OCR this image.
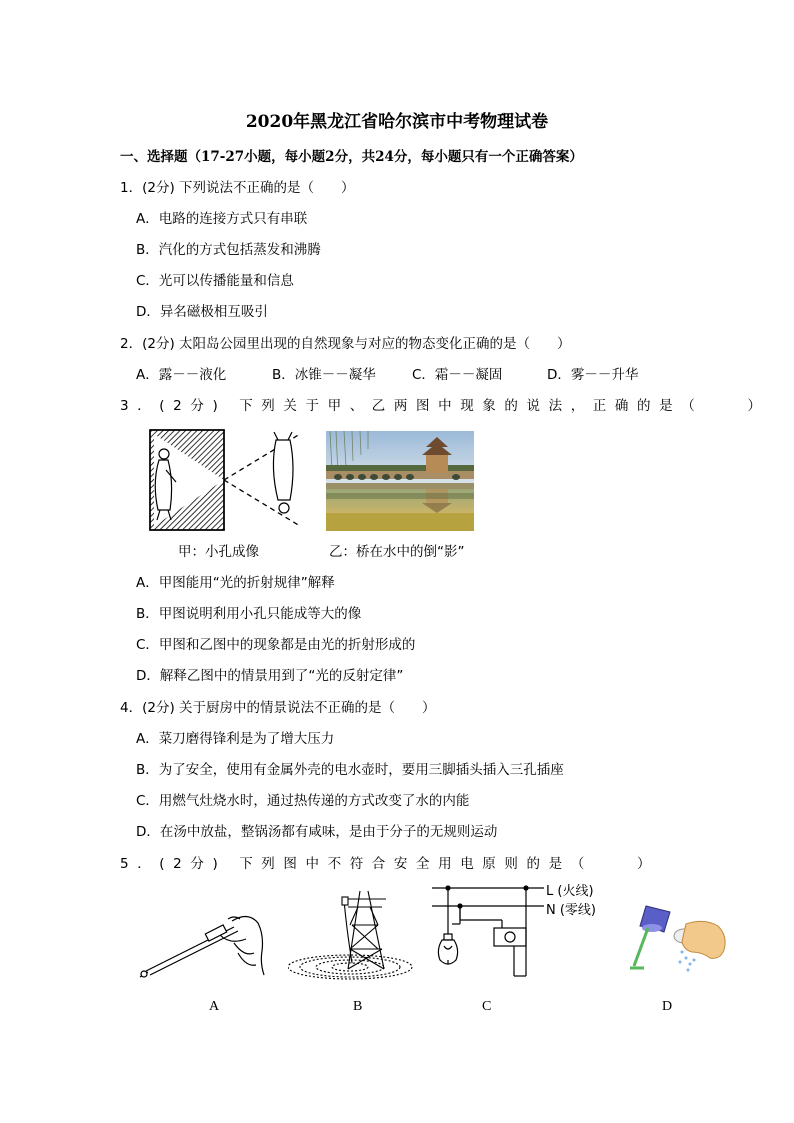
2020年黑龙江省哈尔滨市中考物理试卷
一、选择题（17-27小题，每小题2分，共24分，每小题只有一个正确答案）
1．(2分) 下列说法不正确的是（　　）
A．电路的连接方式只有串联
B．汽化的方式包括蒸发和沸腾
C．光可以传播能量和信息
D．异名磁极相互吸引
2．(2分) 太阳岛公园里出现的自然现象与对应的物态变化正确的是（　　）
A．露－－液化	B．冰锥－－凝华	C．霜－－凝固	D．雾－－升华
3．(2分) 下列关于甲、乙两图中现象的说法，正确的是（　　）
甲：小孔成像	乙：桥在水中的倒“影”
A．甲图能用“光的折射规律”解释
B．甲图说明利用小孔只能成等大的像
C．甲图和乙图中的现象都是由光的折射形成的
D．解释乙图中的情景用到了“光的反射定律”
4．(2分) 关于厨房中的情景说法不正确的是（　　）
A．菜刀磨得锋利是为了增大压力
B．为了安全，使用有金属外壳的电水壶时，要用三脚插头插入三孔插座
C．用燃气灶烧水时，通过热传递的方式改变了水的内能
D．在汤中放盐，整锅汤都有咸味，是由于分子的无规则运动
5．(2分) 下列图中不符合安全用电原则的是（　　）
L (火线)
N (零线)
A	B	C	D
